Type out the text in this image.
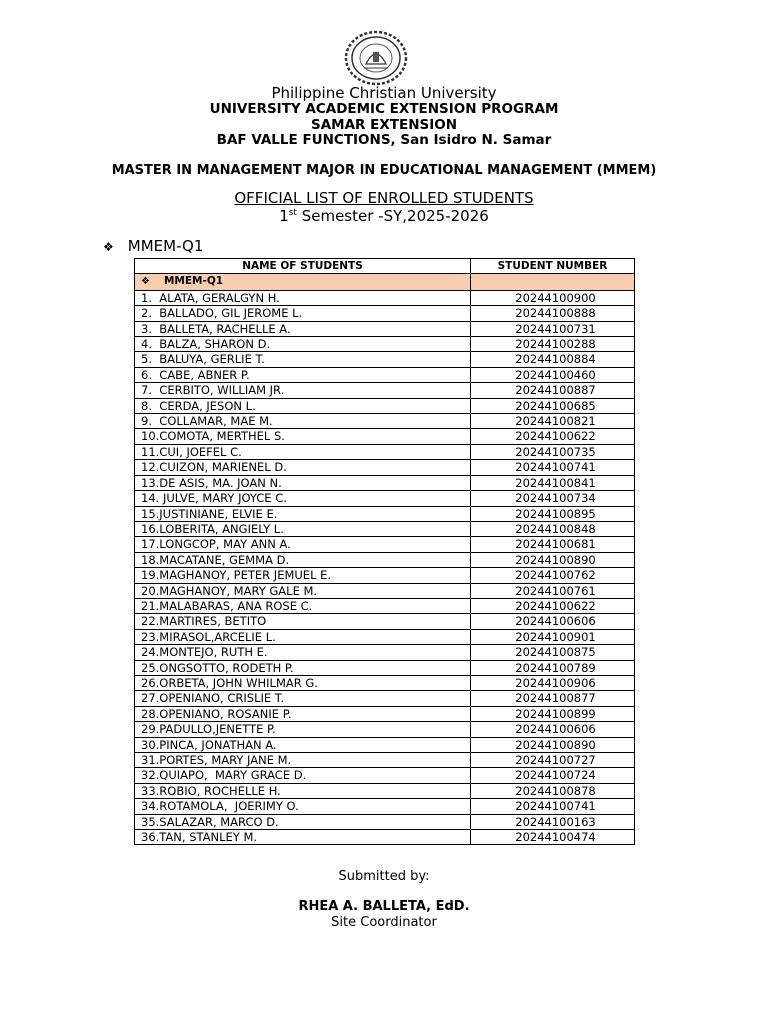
Philippine Christian University
UNIVERSITY ACADEMIC EXTENSION PROGRAM
SAMAR EXTENSION
BAF VALLE FUNCTIONS, San Isidro N. Samar
MASTER IN MANAGEMENT MAJOR IN EDUCATIONAL MANAGEMENT (MMEM)
OFFICIAL LIST OF ENROLLED STUDENTS
1st Semester -SY,2025-2026
❖ MMEM-Q1
NAME OF STUDENTS	STUDENT NUMBER
❖ MMEM-Q1	
1.  ALATA, GERALGYN H.	20244100900
2.  BALLADO, GIL JEROME L.	20244100888
3.  BALLETA, RACHELLE A.	20244100731
4.  BALZA, SHARON D.	20244100288
5.  BALUYA, GERLIE T.	20244100884
6.  CABE, ABNER P.	20244100460
7.  CERBITO, WILLIAM JR.	20244100887
8.  CERDA, JESON L.	20244100685
9.  COLLAMAR, MAE M.	20244100821
10.COMOTA, MERTHEL S.	20244100622
11.CUI, JOEFEL C.	20244100735
12.CUIZON, MARIENEL D.	20244100741
13.DE ASIS, MA. JOAN N.	20244100841
14. JULVE, MARY JOYCE C.	20244100734
15.JUSTINIANE, ELVIE E.	20244100895
16.LOBERITA, ANGIELY L.	20244100848
17.LONGCOP, MAY ANN A.	20244100681
18.MACATANE, GEMMA D.	20244100890
19.MAGHANOY, PETER JEMUEL E.	20244100762
20.MAGHANOY, MARY GALE M.	20244100761
21.MALABARAS, ANA ROSE C.	20244100622
22.MARTIRES, BETITO	20244100606
23.MIRASOL,ARCELIE L.	20244100901
24.MONTEJO, RUTH E.	20244100875
25.ONGSOTTO, RODETH P.	20244100789
26.ORBETA, JOHN WHILMAR G.	20244100906
27.OPENIANO, CRISLIE T.	20244100877
28.OPENIANO, ROSANIE P.	20244100899
29.PADULLO,JENETTE P.	20244100606
30.PINCA, JONATHAN A.	20244100890
31.PORTES, MARY JANE M.	20244100727
32.QUIAPO,  MARY GRACE D.	20244100724
33.ROBIO, ROCHELLE H.	20244100878
34.ROTAMOLA,  JOERIMY O.	20244100741
35.SALAZAR, MARCO D.	20244100163
36.TAN, STANLEY M.	20244100474
Submitted by:
RHEA A. BALLETA, EdD.
Site Coordinator
